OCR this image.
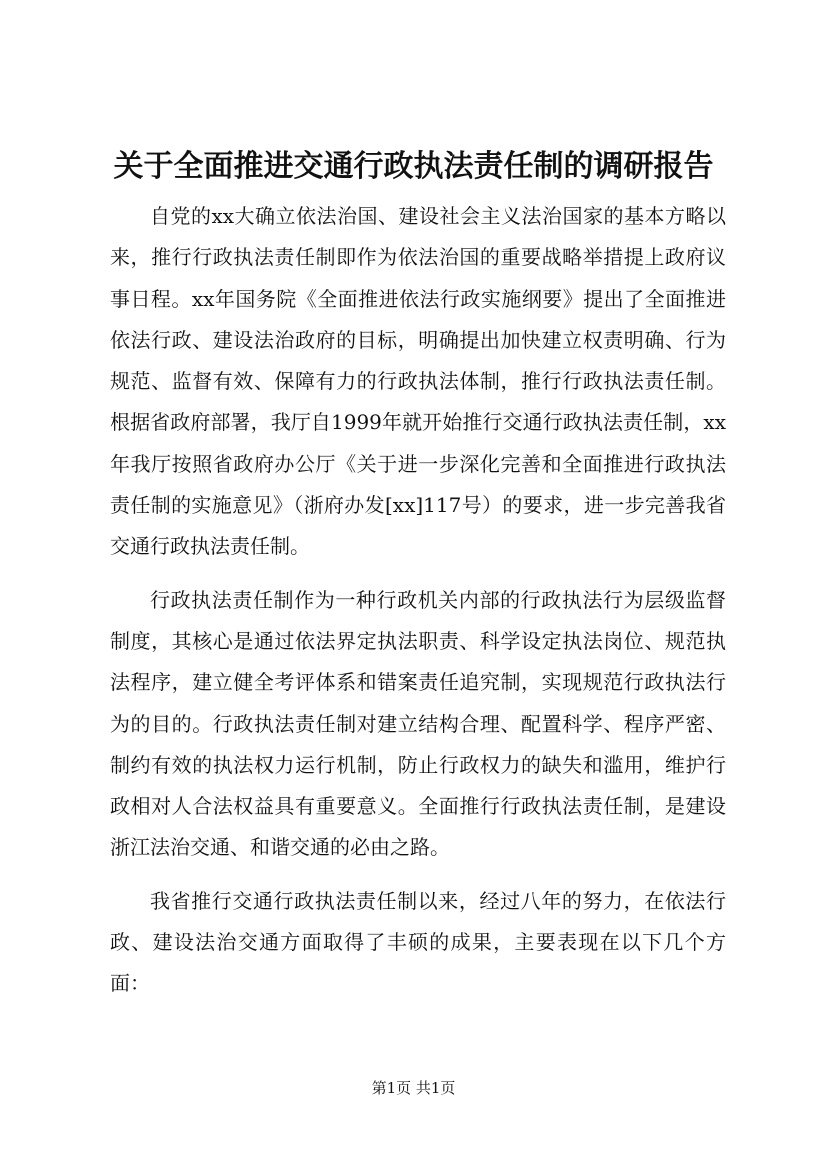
关于全面推进交通行政执法责任制的调研报告

自党的xx大确立依法治国、建设社会主义法治国家的基本方略以来，推行行政执法责任制即作为依法治国的重要战略举措提上政府议事日程。xx年国务院《全面推进依法行政实施纲要》提出了全面推进依法行政、建设法治政府的目标，明确提出加快建立权责明确、行为规范、监督有效、保障有力的行政执法体制，推行行政执法责任制。根据省政府部署，我厅自1999年就开始推行交通行政执法责任制，xx年我厅按照省政府办公厅《关于进一步深化完善和全面推进行政执法责任制的实施意见》（浙府办发[xx]117号）的要求，进一步完善我省交通行政执法责任制。

行政执法责任制作为一种行政机关内部的行政执法行为层级监督制度，其核心是通过依法界定执法职责、科学设定执法岗位、规范执法程序，建立健全考评体系和错案责任追究制，实现规范行政执法行为的目的。行政执法责任制对建立结构合理、配置科学、程序严密、制约有效的执法权力运行机制，防止行政权力的缺失和滥用，维护行政相对人合法权益具有重要意义。全面推行行政执法责任制，是建设浙江法治交通、和谐交通的必由之路。

我省推行交通行政执法责任制以来，经过八年的努力，在依法行政、建设法治交通方面取得了丰硕的成果，主要表现在以下几个方面：

第1页 共1页
